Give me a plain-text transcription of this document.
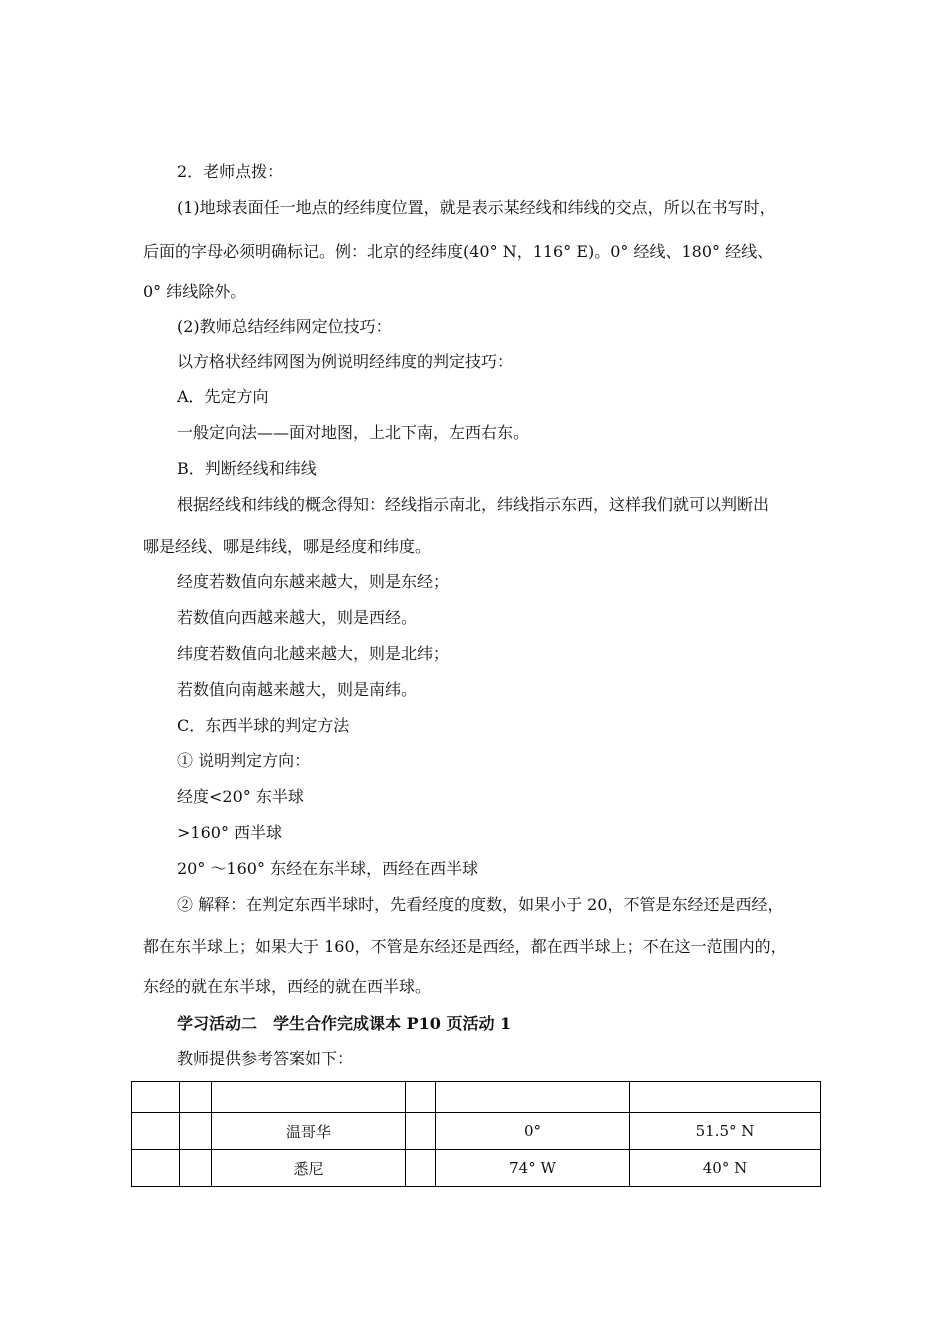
2．老师点拨：
(1)地球表面任一地点的经纬度位置，就是表示某经线和纬线的交点，所以在书写时，
后面的字母必须明确标记。例：北京的经纬度(40° N，116° E)。0° 经线、180° 经线、
0° 纬线除外。
(2)教师总结经纬网定位技巧：
以方格状经纬网图为例说明经纬度的判定技巧：
A．先定方向
一般定向法——面对地图，上北下南，左西右东。
B．判断经线和纬线
根据经线和纬线的概念得知：经线指示南北，纬线指示东西，这样我们就可以判断出
哪是经线、哪是纬线，哪是经度和纬度。
经度若数值向东越来越大，则是东经；
若数值向西越来越大，则是西经。
纬度若数值向北越来越大，则是北纬；
若数值向南越来越大，则是南纬。
C．东西半球的判定方法
① 说明判定方向：
经度<20° 东半球
>160° 西半球
20° ～160° 东经在东半球，西经在西半球
② 解释：在判定东西半球时，先看经度的度数，如果小于 20，不管是东经还是西经，
都在东半球上；如果大于 160，不管是东经还是西经，都在西半球上；不在这一范围内的，
东经的就在东半球，西经的就在西半球。
学习活动二　学生合作完成课本 P10 页活动 1
教师提供参考答案如下：

		温哥华		0°	51.5° N
		悉尼		74° W	40° N
